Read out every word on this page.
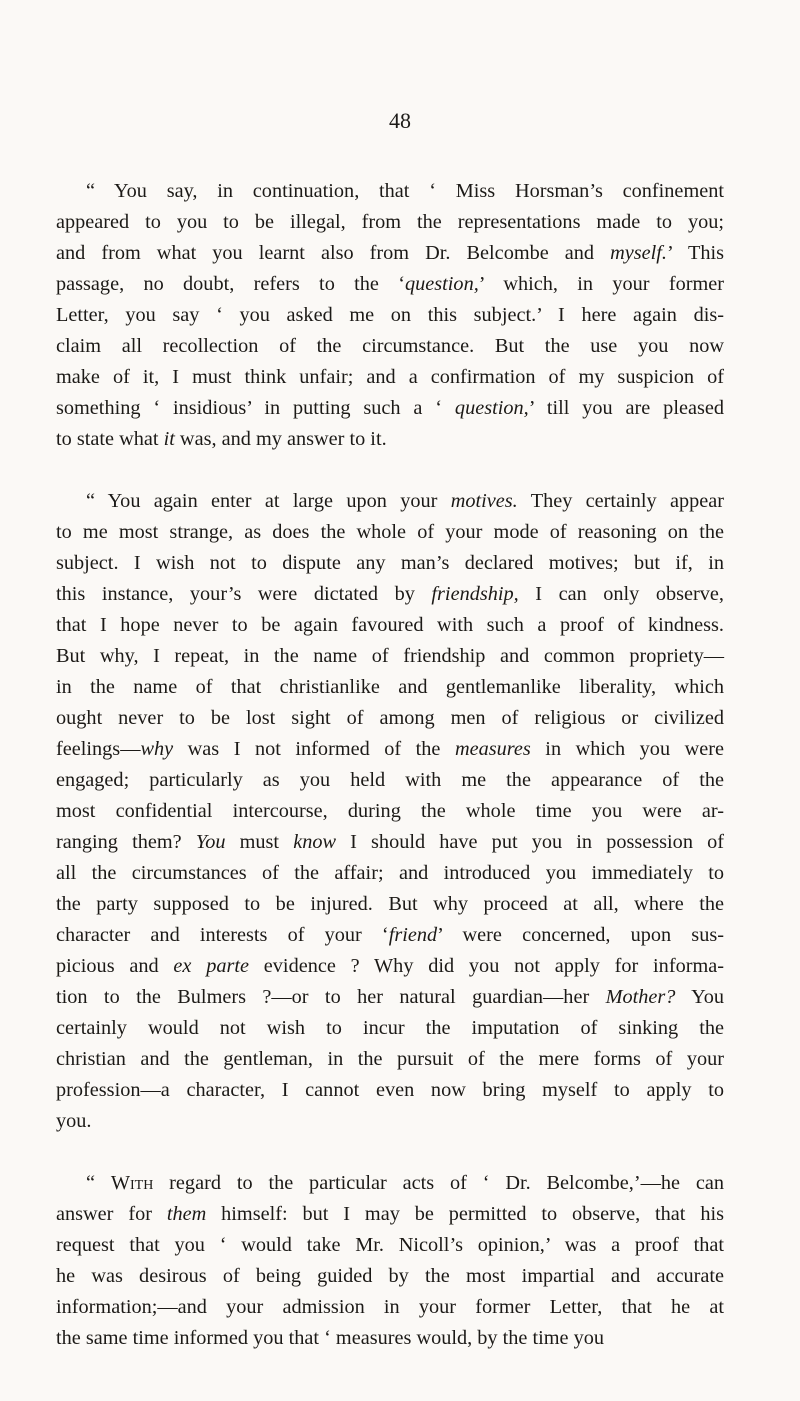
48
“ You say, in continuation, that ‘ Miss Horsman’s confinement
appeared to you to be illegal, from the representations made to you;
and from what you learnt also from Dr. Belcombe and myself.’ This
passage, no doubt, refers to the ‘question,’ which, in your former
Letter, you say ‘ you asked me on this subject.’ I here again dis-
claim all recollection of the circumstance. But the use you now
make of it, I must think unfair; and a confirmation of my suspicion of
something ‘ insidious’ in putting such a ‘ question,’ till you are pleased
to state what it was, and my answer to it.
“ You again enter at large upon your motives. They certainly appear
to me most strange, as does the whole of your mode of reasoning on the
subject. I wish not to dispute any man’s declared motives; but if, in
this instance, your’s were dictated by friendship, I can only observe,
that I hope never to be again favoured with such a proof of kindness.
But why, I repeat, in the name of friendship and common propriety—
in the name of that christianlike and gentlemanlike liberality, which
ought never to be lost sight of among men of religious or civilized
feelings—why was I not informed of the measures in which you were
engaged; particularly as you held with me the appearance of the
most confidential intercourse, during the whole time you were ar-
ranging them? You must know I should have put you in possession of
all the circumstances of the affair; and introduced you immediately to
the party supposed to be injured. But why proceed at all, where the
character and interests of your ‘friend’ were concerned, upon sus-
picious and ex parte evidence ? Why did you not apply for informa-
tion to the Bulmers ?—or to her natural guardian—her Mother? You
certainly would not wish to incur the imputation of sinking the
christian and the gentleman, in the pursuit of the mere forms of your
profession—a character, I cannot even now bring myself to apply to
you.
“ With regard to the particular acts of ‘ Dr. Belcombe,’—he can
answer for them himself: but I may be permitted to observe, that his
request that you ‘ would take Mr. Nicoll’s opinion,’ was a proof that
he was desirous of being guided by the most impartial and accurate
information;—and your admission in your former Letter, that he at
the same time informed you that ‘ measures would, by the time you
